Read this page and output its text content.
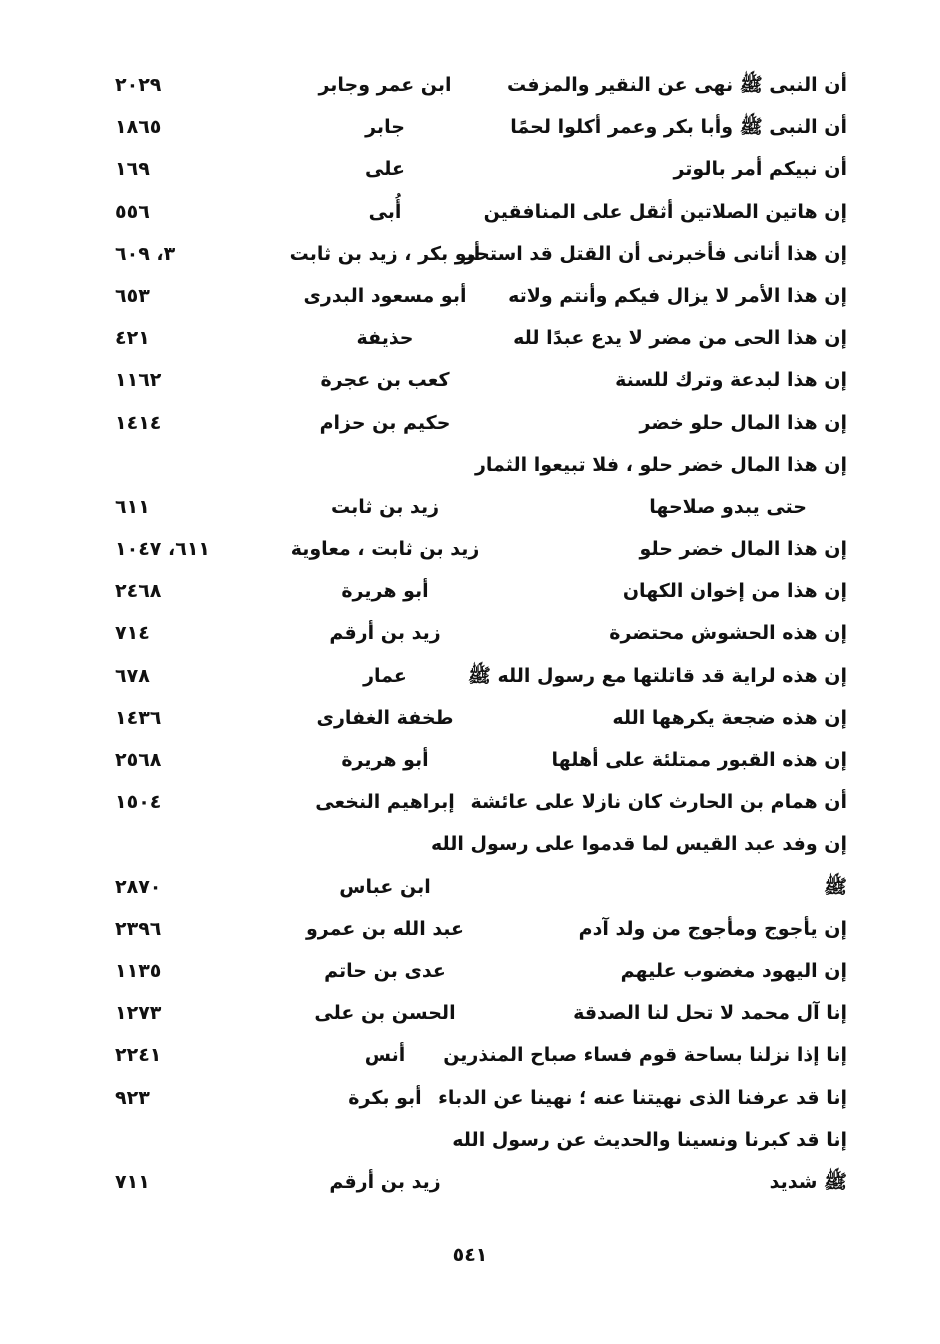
أن النبى ﷺ نهى عن النقير والمزفت
ابن عمر وجابر
٢٠٢٩
أن النبى ﷺ وأبا بكر وعمر أكلوا لحمًا
جابر
١٨٦٥
أن نبيكم أمر بالوتر
على
١٦٩
إن هاتين الصلاتين أثقل على المنافقين
أُبى
٥٥٦
إن هذا أتانى فأخبرنى أن القتل قد استحر
أبو بكر ، زيد بن ثابت
٣، ٦٠٩
إن هذا الأمر لا يزال فيكم وأنتم ولاته
أبو مسعود البدرى
٦٥٣
إن هذا الحى من مضر لا يدع عبدًا لله
حذيفة
٤٢١
إن هذا لبدعة وترك للسنة
كعب بن عجرة
١١٦٢
إن هذا المال حلو خضر
حكيم بن حزام
١٤١٤
إن هذا المال خضر حلو ، فلا تبيعوا الثمار
حتى يبدو صلاحها
زيد بن ثابت
٦١١
إن هذا المال خضر حلو
زيد بن ثابت ، معاوية
٦١١، ١٠٤٧
إن هذا من إخوان الكهان
أبو هريرة
٢٤٦٨
إن هذه الحشوش محتضرة
زيد بن أرقم
٧١٤
إن هذه لراية قد قاتلتها مع رسول الله ﷺ
عمار
٦٧٨
إن هذه ضجعة يكرهها الله
طخفة الغفارى
١٤٣٦
إن هذه القبور ممتلئة على أهلها
أبو هريرة
٢٥٦٨
أن همام بن الحارث كان نازلا على عائشة
إبراهيم النخعى
١٥٠٤
إن وفد عبد القيس لما قدموا على رسول الله
ﷺ
ابن عباس
٢٨٧٠
إن يأجوج ومأجوج من ولد آدم
عبد الله بن عمرو
٢٣٩٦
إن اليهود مغضوب عليهم
عدى بن حاتم
١١٣٥
إنا آل محمد لا تحل لنا الصدقة
الحسن بن على
١٢٧٣
إنا إذا نزلنا بساحة قوم فساء صباح المنذرين
أنس
٢٢٤١
إنا قد عرفنا الذى نهيتنا عنه ؛ نهينا عن الدباء
أبو بكرة
٩٢٣
إنا قد كبرنا ونسينا والحديث عن رسول الله
ﷺ شديد
زيد بن أرقم
٧١١
٥٤١
